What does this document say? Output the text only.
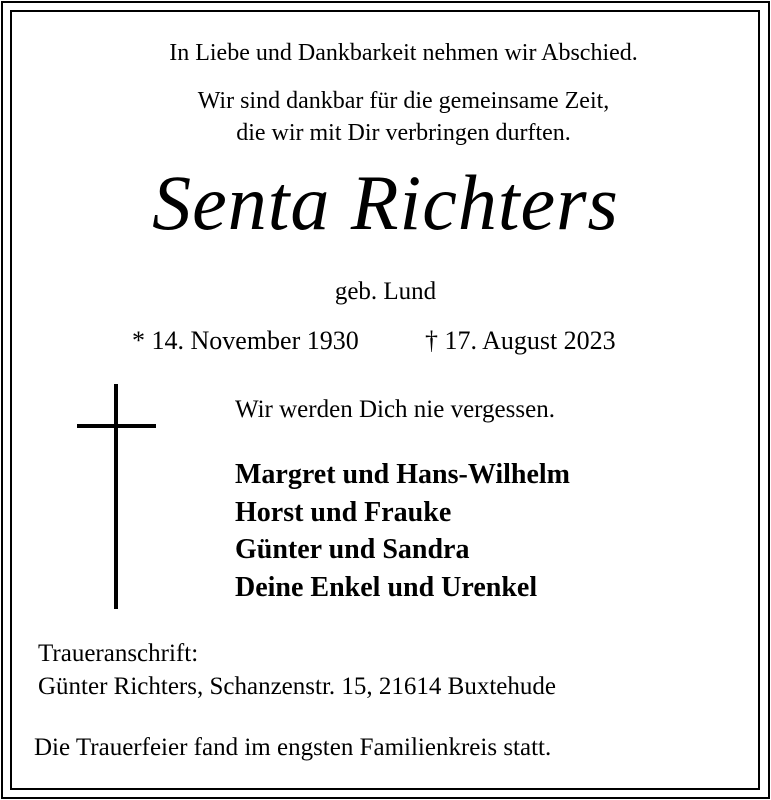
In Liebe und Dankbarkeit nehmen wir Abschied.
Wir sind dankbar für die gemeinsame Zeit,
die wir mit Dir verbringen durften.
Senta Richters
geb. Lund
* 14. November 1930	† 17. August 2023
Wir werden Dich nie vergessen.
Margret und Hans-Wilhelm
Horst und Frauke
Günter und Sandra
Deine Enkel und Urenkel
Traueranschrift:
Günter Richters, Schanzenstr. 15, 21614 Buxtehude
Die Trauerfeier fand im engsten Familienkreis statt.
